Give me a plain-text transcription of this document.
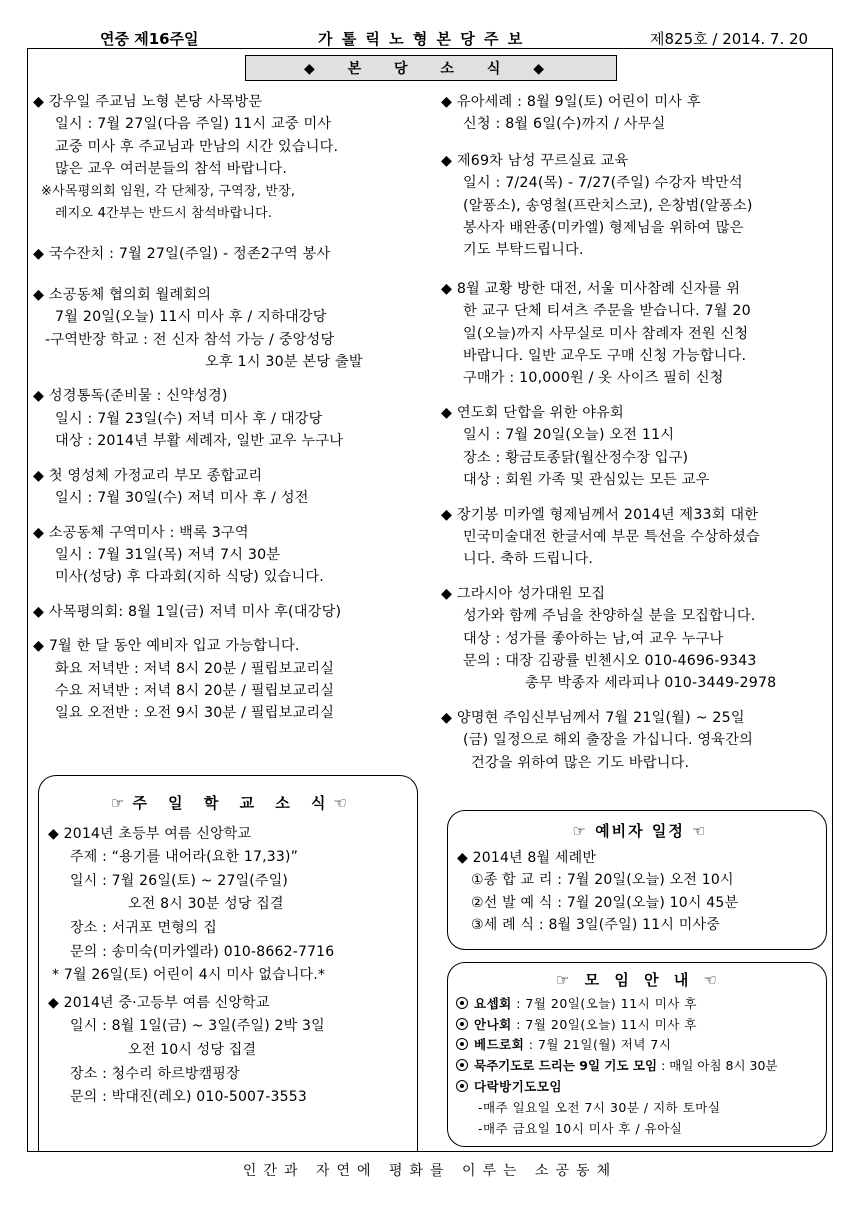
연중 제16주일	가 톨 릭 노 형 본 당 주 보	제825호 / 2014. 7. 20
◆ 본 당 소 식 ◆
◆ 강우일 주교님 노형 본당 사목방문
일시 : 7월 27일(다음 주일) 11시 교중 미사
교중 미사 후 주교님과 만남의 시간 있습니다.
많은 교우 여러분들의 참석 바랍니다.
※사목평의회 임원, 각 단체장, 구역장, 반장,
레지오 4간부는 반드시 참석바랍니다.
◆ 국수잔치 : 7월 27일(주일) - 정존2구역 봉사
◆ 소공동체 협의회 월례회의
7월 20일(오늘) 11시 미사 후 / 지하대강당
-구역반장 학교 : 전 신자 참석 가능 / 중앙성당
오후 1시 30분 본당 출발
◆ 성경통독(준비물 : 신약성경)
일시 : 7월 23일(수) 저녁 미사 후 / 대강당
대상 : 2014년 부활 세례자, 일반 교우 누구나
◆ 첫 영성체 가정교리 부모 종합교리
일시 : 7월 30일(수) 저녁 미사 후 / 성전
◆ 소공동체 구역미사 : 백록 3구역
일시 : 7월 31일(목) 저녁 7시 30분
미사(성당) 후 다과회(지하 식당) 있습니다.
◆ 사목평의회: 8월 1일(금) 저녁 미사 후(대강당)
◆ 7월 한 달 동안 예비자 입교 가능합니다.
화요 저녁반 : 저녁 8시 20분 / 필립보교리실
수요 저녁반 : 저녁 8시 20분 / 필립보교리실
일요 오전반 : 오전 9시 30분 / 필립보교리실
☞주 일 학 교 소 식☜
◆ 2014년 초등부 여름 신앙학교
주제 : “용기를 내어라(요한 17,33)”
일시 : 7월 26일(토) ~ 27일(주일)
오전 8시 30분 성당 집결
장소 : 서귀포 면형의 집
문의 : 송미숙(미카엘라) 010-8662-7716
* 7월 26일(토) 어린이 4시 미사 없습니다.*
◆ 2014년 중·고등부 여름 신앙학교
일시 : 8월 1일(금) ~ 3일(주일) 2박 3일
오전 10시 성당 집결
장소 : 청수리 하르방캠핑장
문의 : 박대진(레오) 010-5007-3553
◆ 유아세례 : 8월 9일(토) 어린이 미사 후
신청 : 8월 6일(수)까지 / 사무실
◆ 제69차 남성 꾸르실료 교육
일시 : 7/24(목) - 7/27(주일) 수강자 박만석
(알퐁소), 송영철(프란치스코), 은창범(알퐁소)
봉사자 배완종(미카엘) 형제님을 위하여 많은
기도 부탁드립니다.
◆ 8월 교황 방한 대전, 서울 미사참례 신자를 위
한 교구 단체 티셔츠 주문을 받습니다. 7월 20
일(오늘)까지 사무실로 미사 참례자 전원 신청
바랍니다. 일반 교우도 구매 신청 가능합니다.
구매가 : 10,000원 / 옷 사이즈 필히 신청
◆ 연도회 단합을 위한 야유회
일시 : 7월 20일(오늘) 오전 11시
장소 : 황금토종닭(월산정수장 입구)
대상 : 회원 가족 및 관심있는 모든 교우
◆ 장기봉 미카엘 형제님께서 2014년 제33회 대한
민국미술대전 한글서예 부문 특선을 수상하셨습
니다. 축하 드립니다.
◆ 그라시아 성가대원 모집
성가와 함께 주님을 찬양하실 분을 모집합니다.
대상 : 성가를 좋아하는 남,여 교우 누구나
문의 : 대장 김광률 빈첸시오 010-4696-9343
총무 박종자 세라피나 010-3449-2978
◆ 양명현 주임신부님께서 7월 21일(월) ~ 25일
(금) 일정으로 해외 출장을 가십니다. 영육간의
건강을 위하여 많은 기도 바랍니다.
☞ 예비자 일정 ☜
◆ 2014년 8월 세례반
①종 합 교 리 : 7월 20일(오늘) 오전 10시
②선 발 예 식 : 7월 20일(오늘) 10시 45분
③세 례 식 : 8월 3일(주일) 11시 미사중
☞ 모 임 안 내 ☜
요셉회 : 7월 20일(오늘) 11시 미사 후
안나회 : 7월 20일(오늘) 11시 미사 후
베드로회 : 7월 21일(월) 저녁 7시
묵주기도로 드리는 9일 기도 모임 : 매일 아침 8시 30분
다락방기도모임
-매주 일요일 오전 7시 30분 / 지하 토마실
-매주 금요일 10시 미사 후 / 유아실
인간과 자연에 평화를 이루는 소공동체
